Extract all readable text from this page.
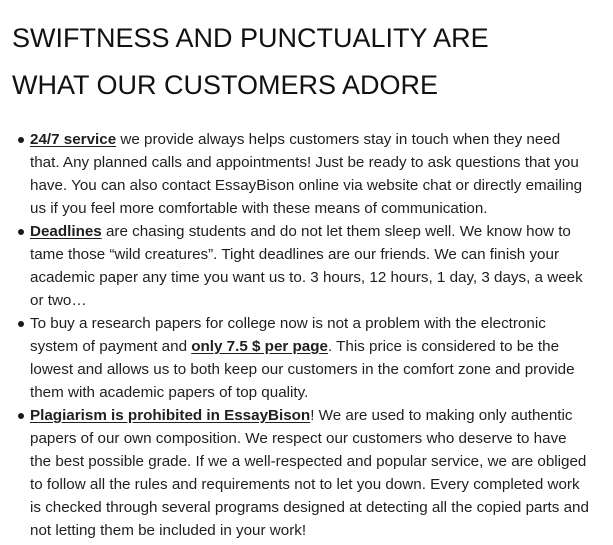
SWIFTNESS AND PUNCTUALITY ARE
WHAT OUR CUSTOMERS ADORE
24/7 service we provide always helps customers stay in touch when they need that. Any planned calls and appointments! Just be ready to ask questions that you have. You can also contact EssayBison online via website chat or directly emailing us if you feel more comfortable with these means of communication.
Deadlines are chasing students and do not let them sleep well. We know how to tame those “wild creatures”. Tight deadlines are our friends. We can finish your academic paper any time you want us to. 3 hours, 12 hours, 1 day, 3 days, a week or two…
To buy a research papers for college now is not a problem with the electronic system of payment and only 7.5 $ per page. This price is considered to be the lowest and allows us to both keep our customers in the comfort zone and provide them with academic papers of top quality.
Plagiarism is prohibited in EssayBison! We are used to making only authentic papers of our own composition. We respect our customers who deserve to have the best possible grade. If we a well-respected and popular service, we are obliged to follow all the rules and requirements not to let you down. Every completed work is checked through several programs designed at detecting all the copied parts and not letting them be included in your work!
